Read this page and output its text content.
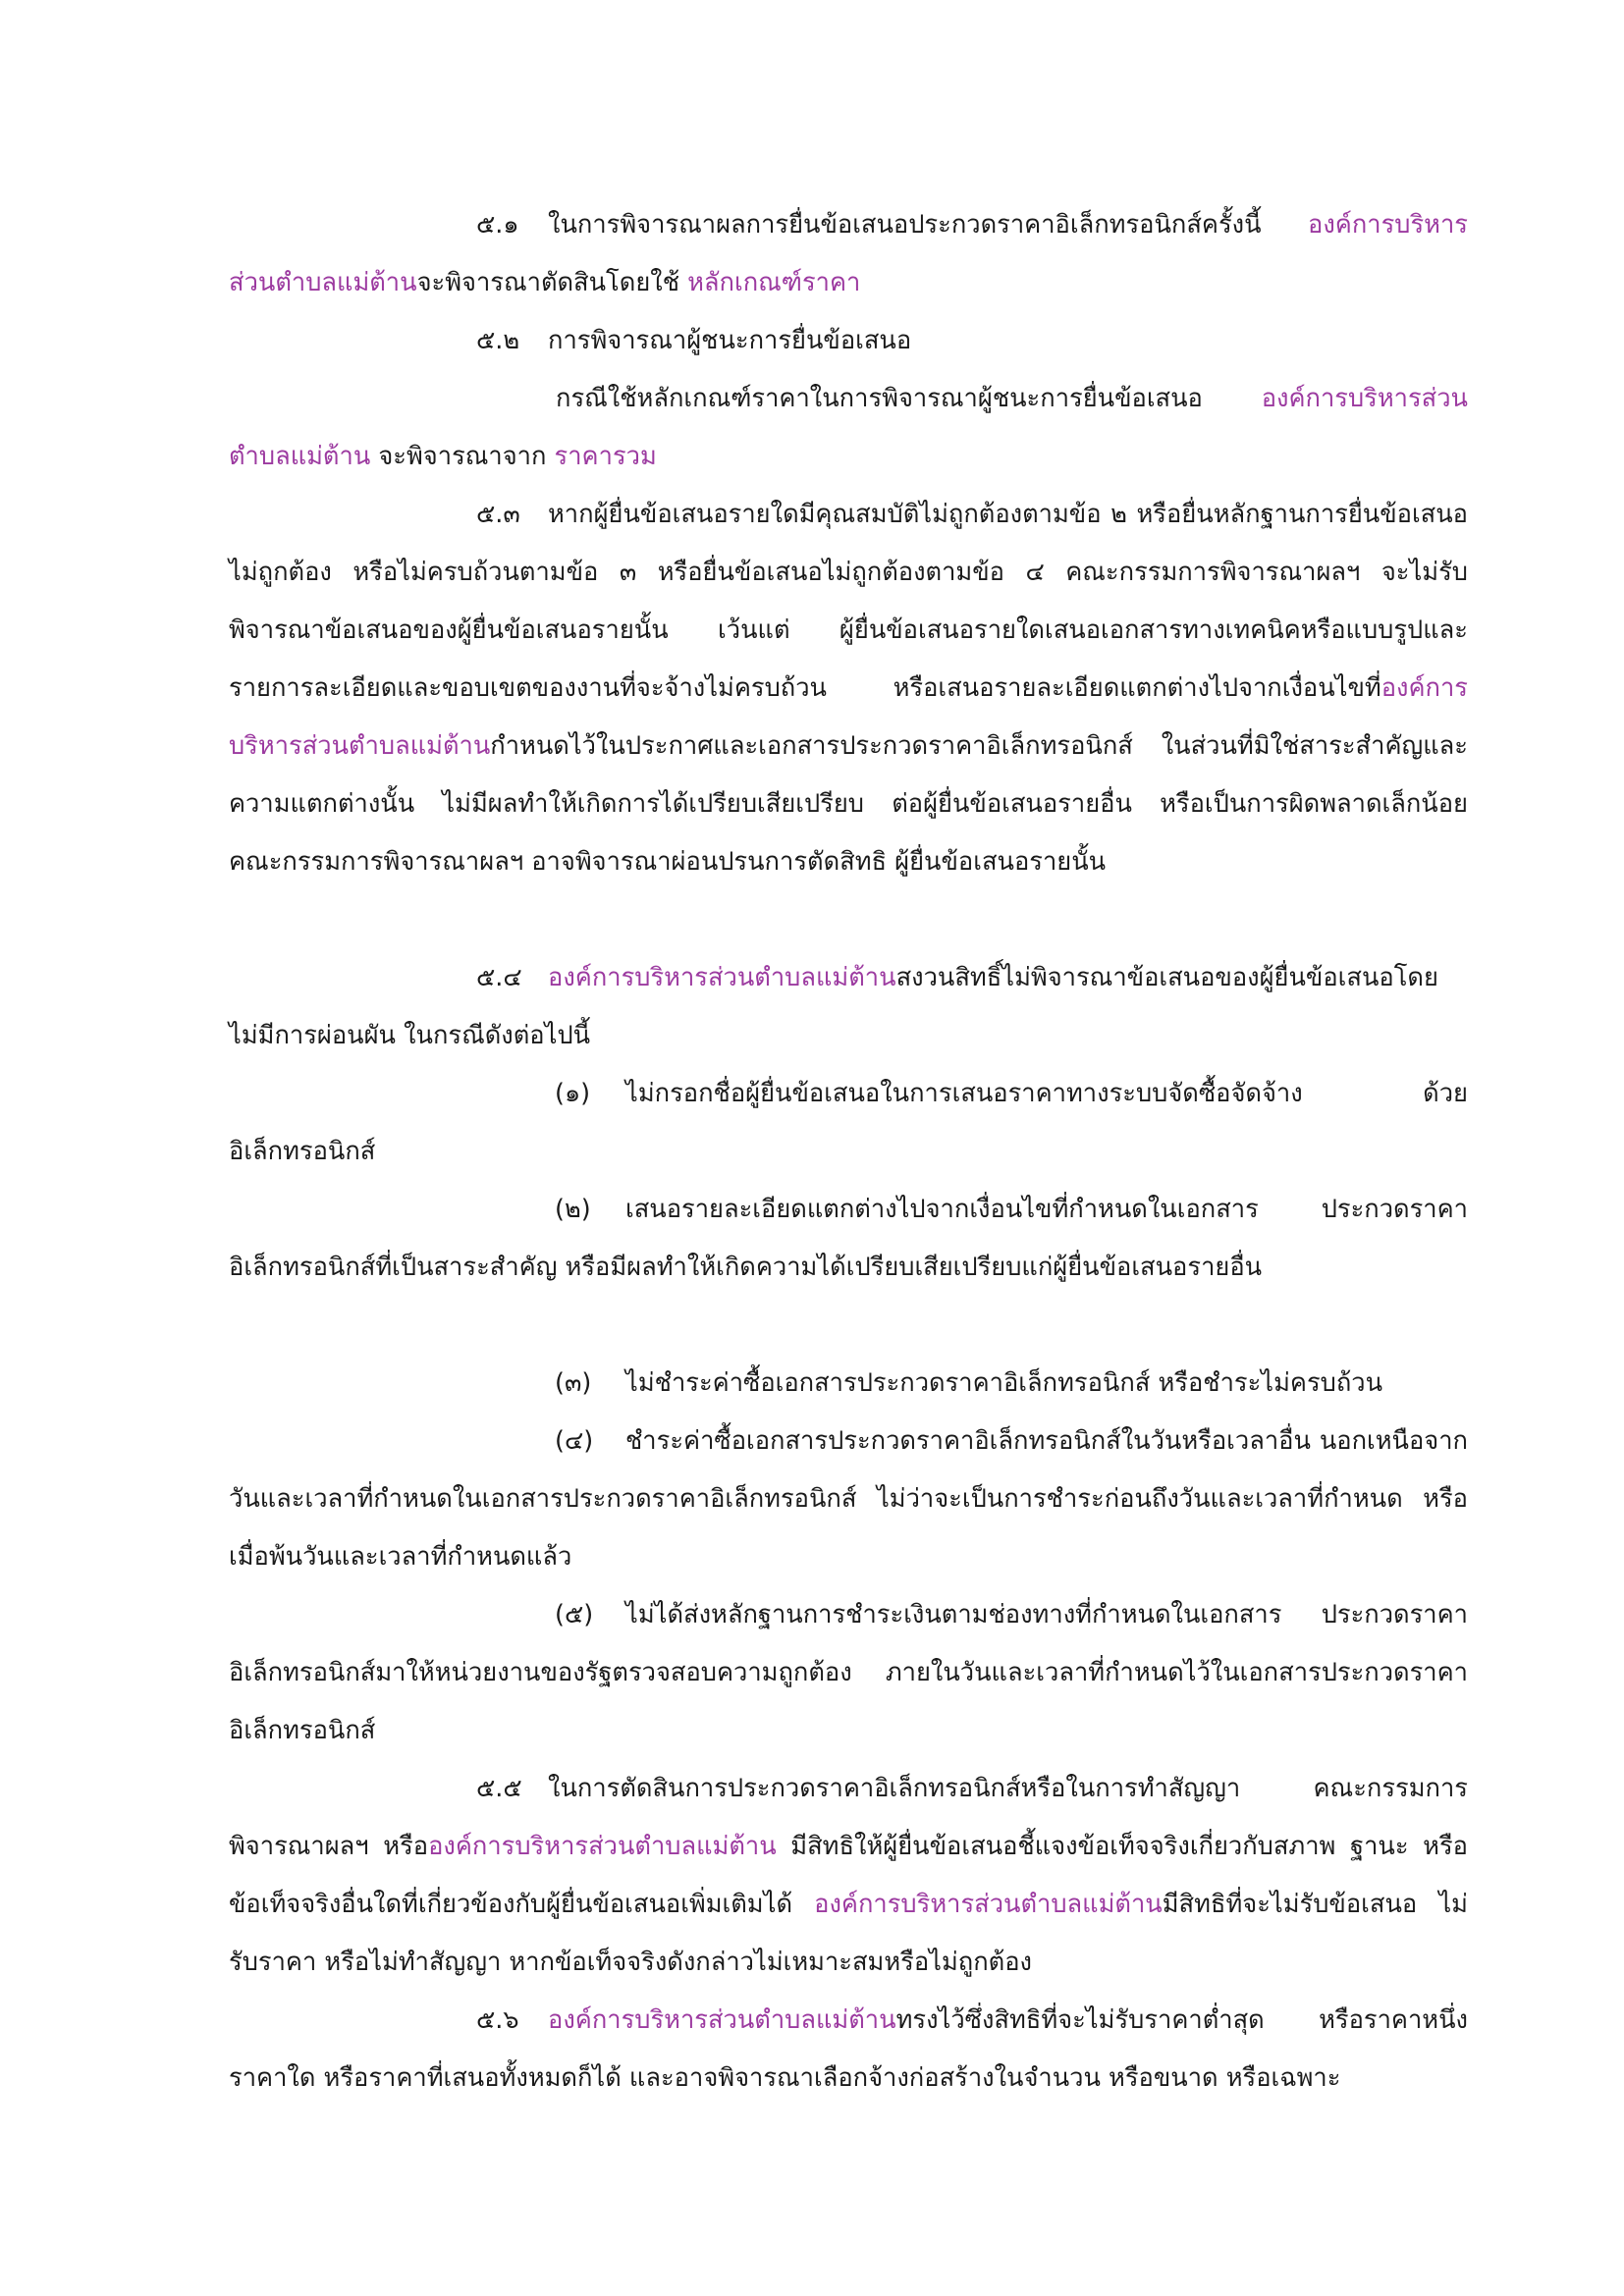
๕.๑ ในการพิจารณาผลการยื่นข้อเสนอประกวดราคาอิเล็กทรอนิกส์ครั้งนี้ องค์การบริหารส่วนตำบลแม่ต้านจะพิจารณาตัดสินโดยใช้ หลักเกณฑ์ราคา

๕.๒ การพิจารณาผู้ชนะการยื่นข้อเสนอ

กรณีใช้หลักเกณฑ์ราคาในการพิจารณาผู้ชนะการยื่นข้อเสนอ องค์การบริหารส่วนตำบลแม่ต้าน จะพิจารณาจาก ราคารวม

๕.๓ หากผู้ยื่นข้อเสนอรายใดมีคุณสมบัติไม่ถูกต้องตามข้อ ๒ หรือยื่นหลักฐานการยื่นข้อเสนอไม่ถูกต้อง หรือไม่ครบถ้วนตามข้อ ๓ หรือยื่นข้อเสนอไม่ถูกต้องตามข้อ ๔ คณะกรรมการพิจารณาผลฯ จะไม่รับพิจารณาข้อเสนอของผู้ยื่นข้อเสนอรายนั้น เว้นแต่ ผู้ยื่นข้อเสนอรายใดเสนอเอกสารทางเทคนิคหรือแบบรูปและรายการละเอียดและขอบเขตของงานที่จะจ้างไม่ครบถ้วน หรือเสนอรายละเอียดแตกต่างไปจากเงื่อนไขที่องค์การบริหารส่วนตำบลแม่ต้านกำหนดไว้ในประกาศและเอกสารประกวดราคาอิเล็กทรอนิกส์ ในส่วนที่มิใช่สาระสำคัญและความแตกต่างนั้น ไม่มีผลทำให้เกิดการได้เปรียบเสียเปรียบ ต่อผู้ยื่นข้อเสนอรายอื่น หรือเป็นการผิดพลาดเล็กน้อย คณะกรรมการพิจารณาผลฯ อาจพิจารณาผ่อนปรนการตัดสิทธิ ผู้ยื่นข้อเสนอรายนั้น

๕.๔ องค์การบริหารส่วนตำบลแม่ต้านสงวนสิทธิ์ไม่พิจารณาข้อเสนอของผู้ยื่นข้อเสนอโดยไม่มีการผ่อนผัน ในกรณีดังต่อไปนี้

(๑) ไม่กรอกชื่อผู้ยื่นข้อเสนอในการเสนอราคาทางระบบจัดซื้อจัดจ้าง ด้วยอิเล็กทรอนิกส์

(๒) เสนอรายละเอียดแตกต่างไปจากเงื่อนไขที่กำหนดในเอกสาร ประกวดราคา อิเล็กทรอนิกส์ที่เป็นสาระสำคัญ หรือมีผลทำให้เกิดความได้เปรียบเสียเปรียบแก่ผู้ยื่นข้อเสนอรายอื่น

(๓) ไม่ชำระค่าซื้อเอกสารประกวดราคาอิเล็กทรอนิกส์ หรือชำระไม่ครบถ้วน

(๔) ชำระค่าซื้อเอกสารประกวดราคาอิเล็กทรอนิกส์ในวันหรือเวลาอื่น นอกเหนือจากวันและเวลาที่กำหนดในเอกสารประกวดราคาอิเล็กทรอนิกส์ ไม่ว่าจะเป็นการชำระก่อนถึงวันและเวลาที่กำหนด หรือเมื่อพ้นวันและเวลาที่กำหนดแล้ว

(๕) ไม่ได้ส่งหลักฐานการชำระเงินตามช่องทางที่กำหนดในเอกสาร ประกวดราคาอิเล็กทรอนิกส์มาให้หน่วยงานของรัฐตรวจสอบความถูกต้อง ภายในวันและเวลาที่กำหนดไว้ในเอกสารประกวดราคาอิเล็กทรอนิกส์

๕.๕ ในการตัดสินการประกวดราคาอิเล็กทรอนิกส์หรือในการทำสัญญา คณะกรรมการพิจารณาผลฯ หรือองค์การบริหารส่วนตำบลแม่ต้าน มีสิทธิให้ผู้ยื่นข้อเสนอชี้แจงข้อเท็จจริงเกี่ยวกับสภาพ ฐานะ หรือข้อเท็จจริงอื่นใดที่เกี่ยวข้องกับผู้ยื่นข้อเสนอเพิ่มเติมได้ องค์การบริหารส่วนตำบลแม่ต้านมีสิทธิที่จะไม่รับข้อเสนอ ไม่รับราคา หรือไม่ทำสัญญา หากข้อเท็จจริงดังกล่าวไม่เหมาะสมหรือไม่ถูกต้อง

๕.๖ องค์การบริหารส่วนตำบลแม่ต้านทรงไว้ซึ่งสิทธิที่จะไม่รับราคาต่ำสุด หรือราคาหนึ่งราคาใด หรือราคาที่เสนอทั้งหมดก็ได้ และอาจพิจารณาเลือกจ้างก่อสร้างในจำนวน หรือขนาด หรือเฉพาะ
